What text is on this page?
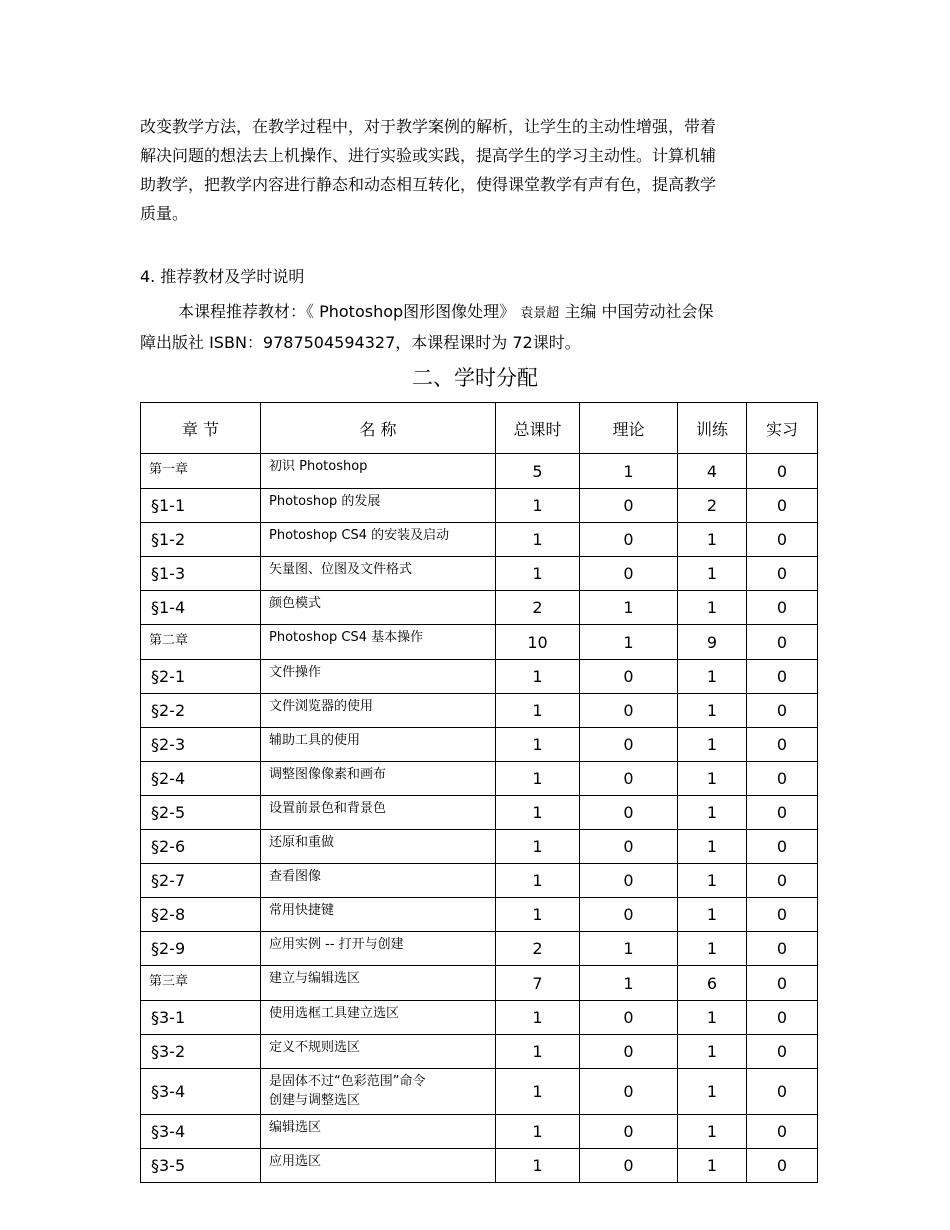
改变教学方法，在教学过程中，对于教学案例的解析，让学生的主动性增强，带着

解决问题的想法去上机操作、进行实验或实践，提高学生的学习主动性。计算机辅

助教学，把教学内容进行静态和动态相互转化，使得课堂教学有声有色，提高教学

质量。

4. 推荐教材及学时说明

本课程推荐教材：《 Photoshop图形图像处理》 袁景超 主编 中国劳动社会保

障出版社 ISBN：9787504594327，本课程课时为 72课时。

二、学时分配
章 节	名 称	总课时	理论	训练	实习
第一章	初识 Photoshop	5	1	4	0
§1-1	Photoshop 的发展	1	0	2	0
§1-2	Photoshop CS4 的安装及启动	1	0	1	0
§1-3	矢量图、位图及文件格式	1	0	1	0
§1-4	颜色模式	2	1	1	0
第二章	Photoshop CS4 基本操作	10	1	9	0
§2-1	文件操作	1	0	1	0
§2-2	文件浏览器的使用	1	0	1	0
§2-3	辅助工具的使用	1	0	1	0
§2-4	调整图像像素和画布	1	0	1	0
§2-5	设置前景色和背景色	1	0	1	0
§2-6	还原和重做	1	0	1	0
§2-7	查看图像	1	0	1	0
§2-8	常用快捷键	1	0	1	0
§2-9	应用实例 -- 打开与创建	2	1	1	0
第三章	建立与编辑选区	7	1	6	0
§3-1	使用选框工具建立选区	1	0	1	0
§3-2	定义不规则选区	1	0	1	0
§3-4	是固体不过“色彩范围”命令
创建与调整选区	1	0	1	0
§3-4	编辑选区	1	0	1	0
§3-5	应用选区	1	0	1	0
